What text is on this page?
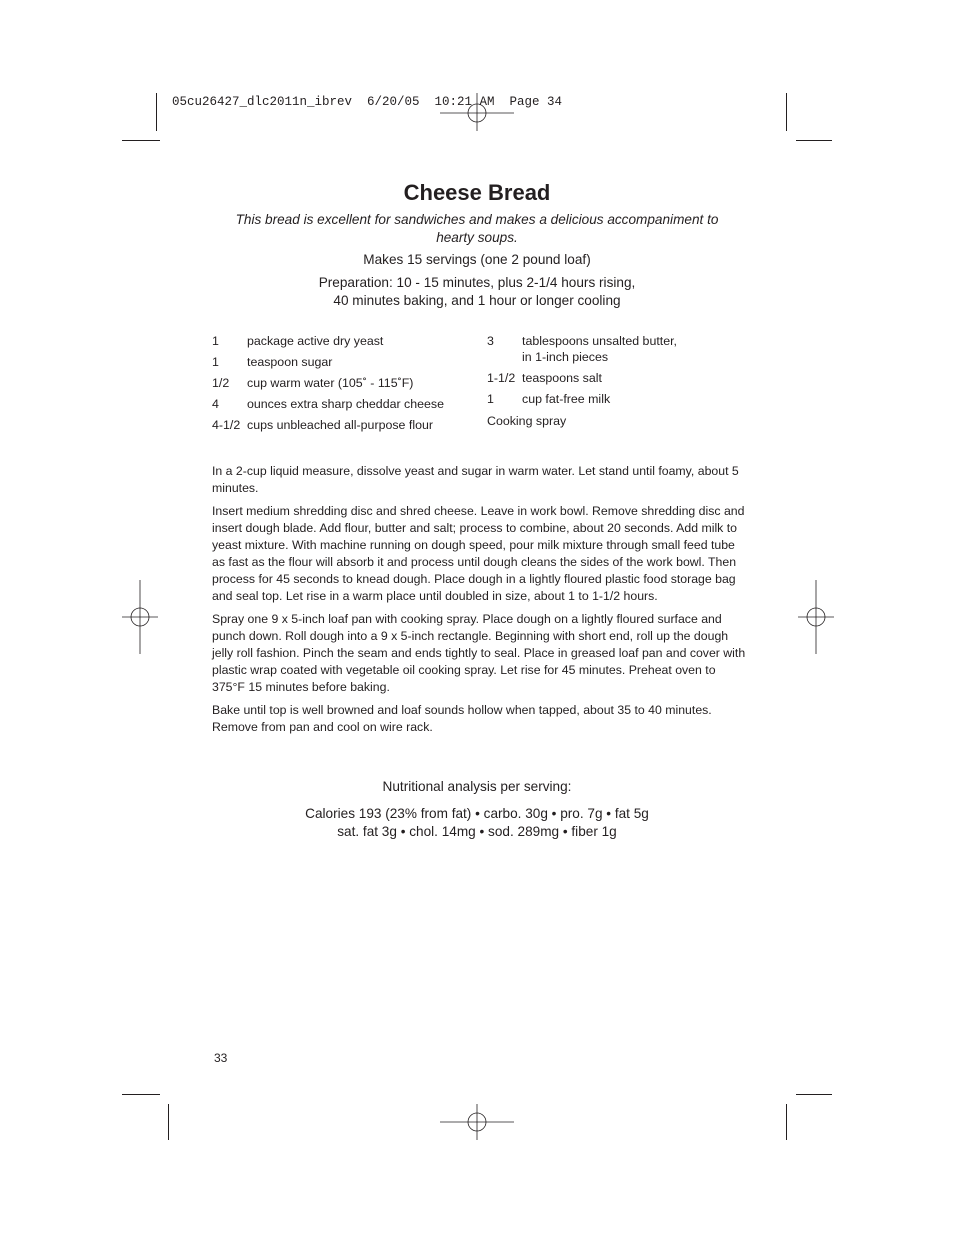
05cu26427_dlc2011n_ibrev  6/20/05  10:21 AM  Page 34
Cheese Bread
This bread is excellent for sandwiches and makes a delicious accompaniment to
hearty soups.
Makes 15 servings (one 2 pound loaf)
Preparation: 10 - 15 minutes, plus 2-1/4 hours rising,
40 minutes baking, and 1 hour or longer cooling
1 package active dry yeast
1 teaspoon sugar
1/2 cup warm water (105˚ - 115˚F)
4 ounces extra sharp cheddar cheese
4-1/2 cups unbleached all-purpose flour
3 tablespoons unsalted butter,
in 1-inch pieces
1-1/2 teaspoons salt
1 cup fat-free milk
Cooking spray

In a 2-cup liquid measure, dissolve yeast and sugar in warm water. Let stand until foamy, about 5 minutes.

Insert medium shredding disc and shred cheese. Leave in work bowl. Remove shredding disc and insert dough blade. Add flour, butter and salt; process to combine, about 20 seconds. Add milk to yeast mixture. With machine running on dough speed, pour milk mixture through small feed tube as fast as the flour will absorb it and process until dough cleans the sides of the work bowl. Then process for 45 seconds to knead dough. Place dough in a lightly floured plastic food storage bag and seal top. Let rise in a warm place until doubled in size, about 1 to 1-1/2 hours.

Spray one 9 x 5-inch loaf pan with cooking spray. Place dough on a lightly floured surface and punch down. Roll dough into a 9 x 5-inch rectangle. Beginning with short end, roll up the dough jelly roll fashion. Pinch the seam and ends tightly to seal. Place in greased loaf pan and cover with plastic wrap coated with vegetable oil cooking spray. Let rise for 45 minutes. Preheat oven to 375°F 15 minutes before baking.

Bake until top is well browned and loaf sounds hollow when tapped, about 35 to 40 minutes. Remove from pan and cool on wire rack.

Nutritional analysis per serving:
Calories 193 (23% from fat) • carbo. 30g • pro. 7g • fat 5g
sat. fat 3g • chol. 14mg • sod. 289mg • fiber 1g
33
